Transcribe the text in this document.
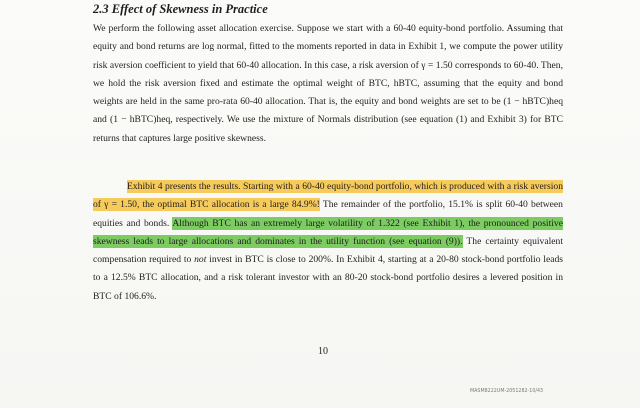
2.3 Effect of Skewness in Practice
We perform the following asset allocation exercise. Suppose we start with a 60-40 equity-bond portfolio. Assuming that equity and bond returns are log normal, fitted to the moments reported in data in Exhibit 1, we compute the power utility risk aversion coefficient to yield that 60-40 allocation. In this case, a risk aversion of γ = 1.50 corresponds to 60-40. Then, we hold the risk aversion fixed and estimate the optimal weight of BTC, hBTC, assuming that the equity and bond weights are held in the same pro-rata 60-40 allocation. That is, the equity and bond weights are set to be (1 − hBTC)heq and (1 − hBTC)heq, respectively. We use the mixture of Normals distribution (see equation (1) and Exhibit 3) for BTC returns that captures large positive skewness.
Exhibit 4 presents the results. Starting with a 60-40 equity-bond portfolio, which is produced with a risk aversion of γ = 1.50, the optimal BTC allocation is a large 84.9%! The remainder of the portfolio, 15.1% is split 60-40 between equities and bonds. Although BTC has an extremely large volatility of 1.322 (see Exhibit 1), the pronounced positive skewness leads to large allocations and dominates in the utility function (see equation (9)). The certainty equivalent compensation required to not invest in BTC is close to 200%. In Exhibit 4, starting at a 20-80 stock-bond portfolio leads to a 12.5% BTC allocation, and a risk tolerant investor with an 80-20 stock-bond portfolio desires a levered position in BTC of 106.6%.
10
MASM8222UM-2051282-10/43
